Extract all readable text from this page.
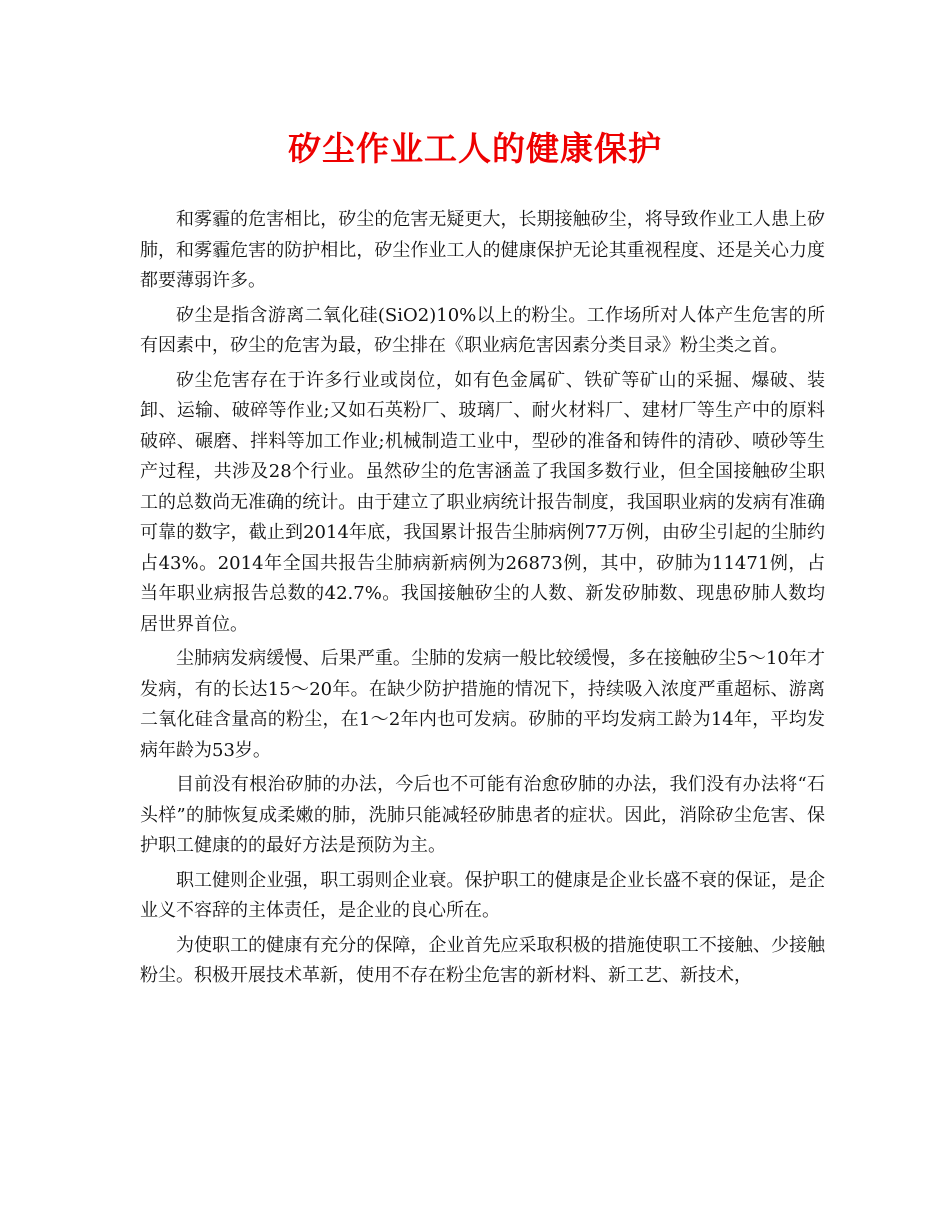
矽尘作业工人的健康保护

和雾霾的危害相比，矽尘的危害无疑更大，长期接触矽尘，将导致作业工人患上矽肺，和雾霾危害的防护相比，矽尘作业工人的健康保护无论其重视程度、还是关心力度都要薄弱许多。

矽尘是指含游离二氧化硅(SiO2)10%以上的粉尘。工作场所对人体产生危害的所有因素中，矽尘的危害为最，矽尘排在《职业病危害因素分类目录》粉尘类之首。

矽尘危害存在于许多行业或岗位，如有色金属矿、铁矿等矿山的采掘、爆破、装卸、运输、破碎等作业;又如石英粉厂、玻璃厂、耐火材料厂、建材厂等生产中的原料破碎、碾磨、拌料等加工作业;机械制造工业中，型砂的准备和铸件的清砂、喷砂等生产过程，共涉及28个行业。虽然矽尘的危害涵盖了我国多数行业，但全国接触矽尘职工的总数尚无准确的统计。由于建立了职业病统计报告制度，我国职业病的发病有准确可靠的数字，截止到2014年底，我国累计报告尘肺病例77万例，由矽尘引起的尘肺约占43%。2014年全国共报告尘肺病新病例为26873例，其中，矽肺为11471例，占当年职业病报告总数的42.7%。我国接触矽尘的人数、新发矽肺数、现患矽肺人数均居世界首位。

尘肺病发病缓慢、后果严重。尘肺的发病一般比较缓慢，多在接触矽尘5～10年才发病，有的长达15～20年。在缺少防护措施的情况下，持续吸入浓度严重超标、游离二氧化硅含量高的粉尘，在1～2年内也可发病。矽肺的平均发病工龄为14年，平均发病年龄为53岁。

目前没有根治矽肺的办法，今后也不可能有治愈矽肺的办法，我们没有办法将“石头样”的肺恢复成柔嫩的肺，洗肺只能减轻矽肺患者的症状。因此，消除矽尘危害、保护职工健康的的最好方法是预防为主。

职工健则企业强，职工弱则企业衰。保护职工的健康是企业长盛不衰的保证，是企业义不容辞的主体责任，是企业的良心所在。

为使职工的健康有充分的保障，企业首先应采取积极的措施使职工不接触、少接触粉尘。积极开展技术革新，使用不存在粉尘危害的新材料、新工艺、新技术，
